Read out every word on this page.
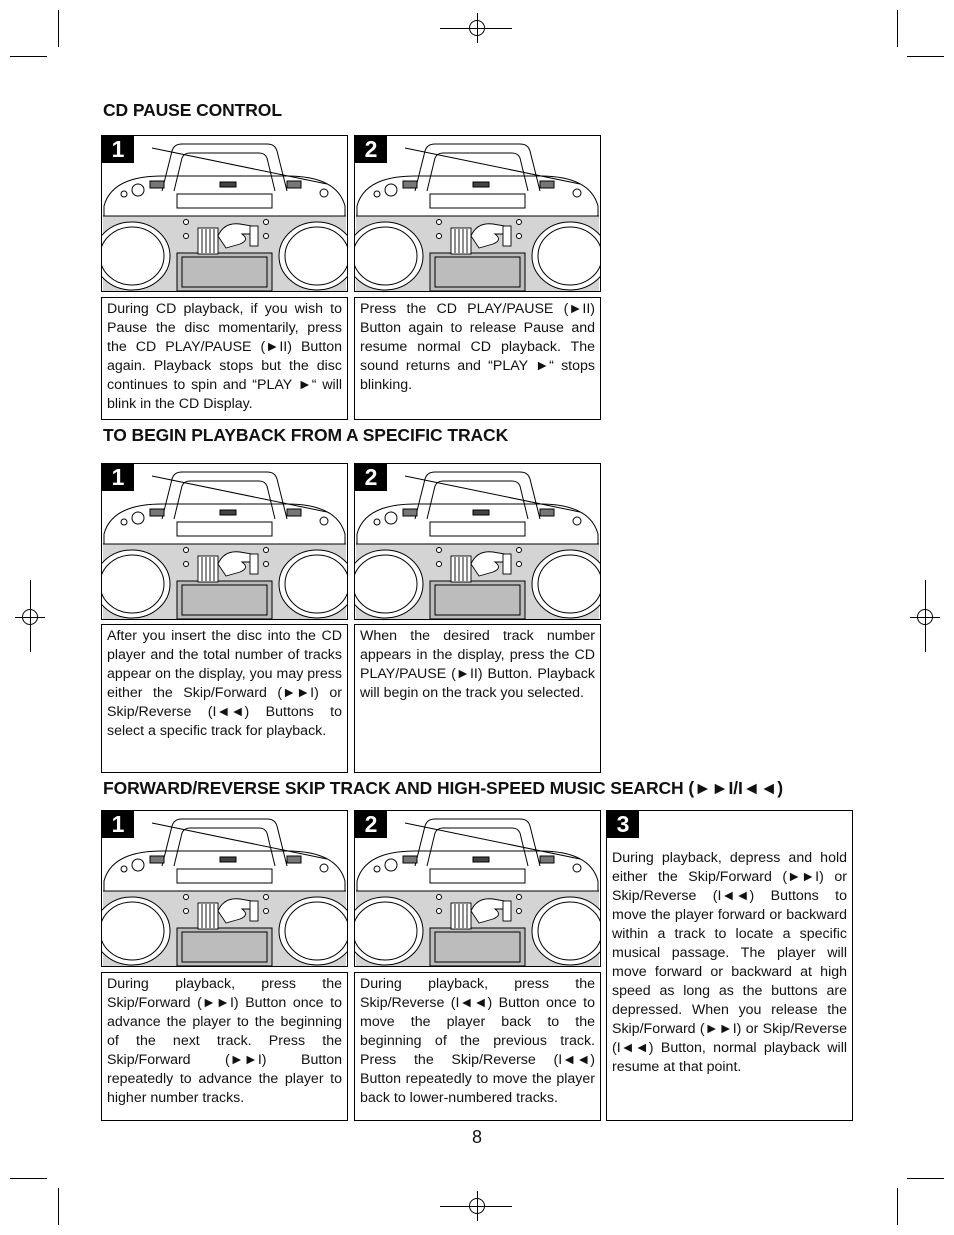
CD PAUSE CONTROL
1	2

During CD playback, if you wish to Pause the disc momentarily, press the CD PLAY/PAUSE (►II) Button again. Playback stops but the disc continues to spin and “PLAY ►“ will blink in the CD Display.

Press the CD PLAY/PAUSE (►II) Button again to release Pause and resume normal CD playback. The sound returns and “PLAY ►“ stops blinking.

TO BEGIN PLAYBACK FROM A SPECIFIC TRACK
1	2

After you insert the disc into the CD player and the total number of tracks appear on the display, you may press either the Skip/Forward (►►I) or Skip/Reverse (I◄◄) Buttons to select a specific track for playback.

When the desired track number appears in the display, press the CD PLAY/PAUSE (►II) Button. Playback will begin on the track you selected.

FORWARD/REVERSE SKIP TRACK AND HIGH-SPEED MUSIC SEARCH (►►I/I◄◄)
1	2

During playback, press the Skip/Forward (►►I) Button once to advance the player to the beginning of the next track. Press the Skip/Forward (►►I) Button repeatedly to advance the player to higher number tracks.

During playback, press the Skip/Reverse (I◄◄) Button once to move the player back to the beginning of the previous track. Press the Skip/Reverse (I◄◄) Button repeatedly to move the player back to lower-numbered tracks.

3

During playback, depress and hold either the Skip/Forward (►►I) or Skip/Reverse (I◄◄) Buttons to move the player forward or backward within a track to locate a specific musical passage. The player will move forward or backward at high speed as long as the buttons are depressed. When you release the Skip/Forward (►►I) or Skip/Reverse (I◄◄) Button, normal playback will resume at that point.

8
